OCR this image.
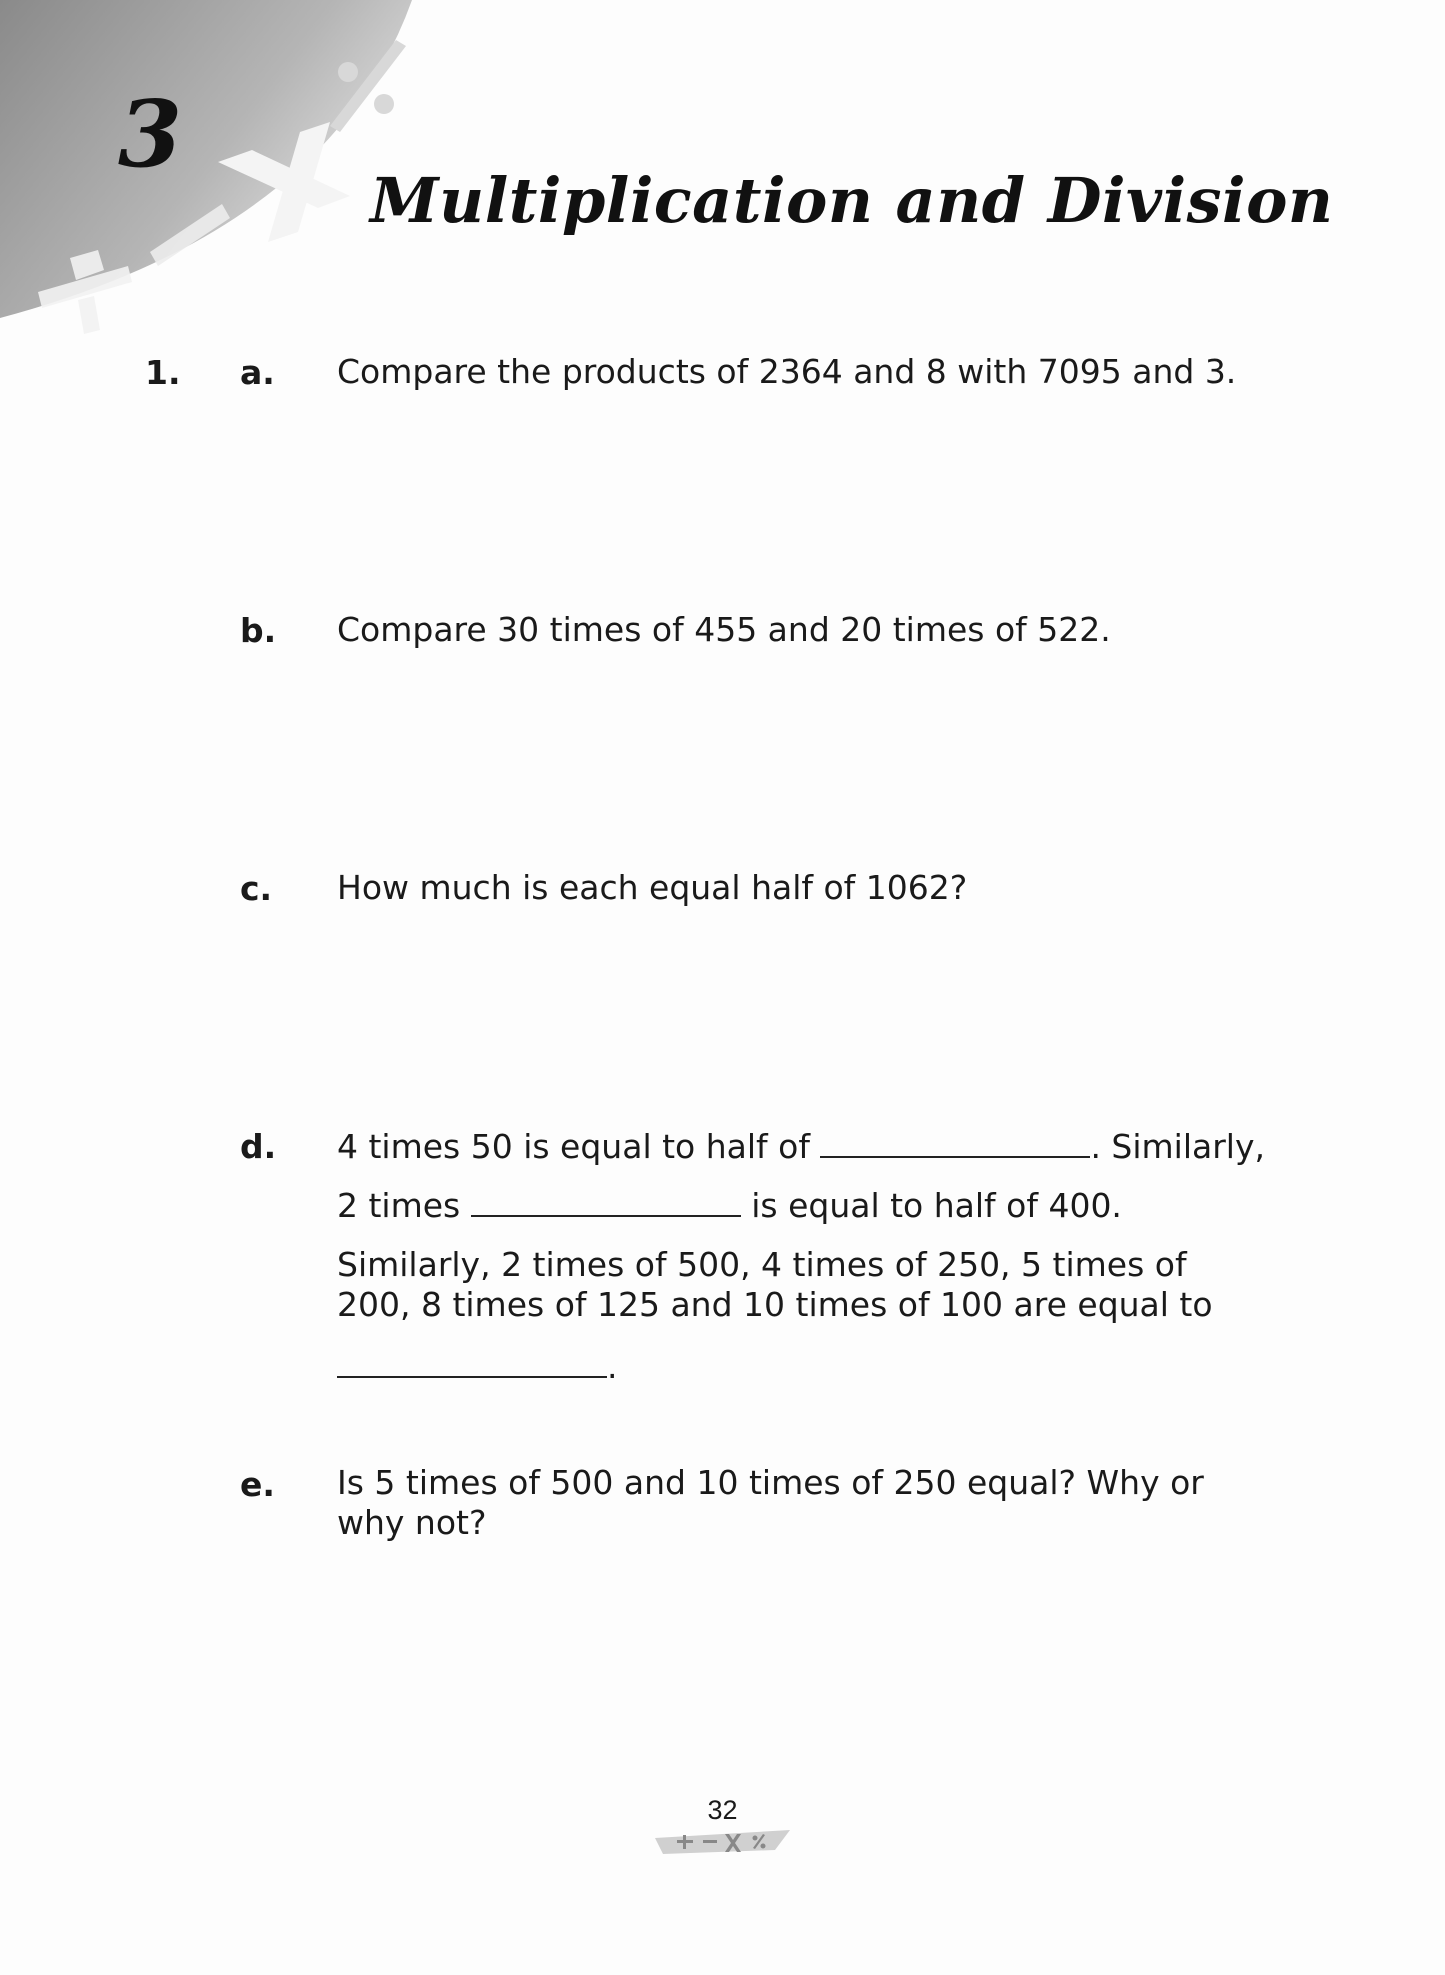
3
Multiplication and Division
1. a. Compare the products of 2364 and 8 with 7095 and 3.
b. Compare 30 times of 455 and 20 times of 522.
c. How much is each equal half of 1062?
d. 4 times 50 is equal to half of	. Similarly,
2 times	is equal to half of 400.
Similarly, 2 times of 500, 4 times of 250, 5 times of 200, 8 times of 125 and 10 times of 100 are equal to
.
e. Is 5 times of 500 and 10 times of 250 equal? Why or why not?
32
